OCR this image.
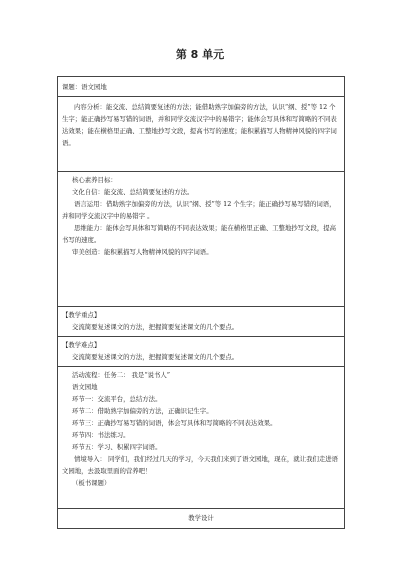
第 8 单元

课题：语文园地

内容分析：能交流、总结简要复述的方法；能借助熟字加偏旁的方法，认识“纲、授”等 12 个生字；能正确抄写易写错的词语，并和同学交流汉字中的易错字；能体会写具体和写简略的不同表达效果；能在横格里正确、工整地抄写文段，提高书写的速度；能积累描写人物精神风貌的四字词语。

核心素养目标：

文化自信：能交流、总结简要复述的方法。

语言运用：借助熟字加偏旁的方法，认识“纲、授”等 12 个生字；能正确抄写易写错的词语，并和同学交流汉字中的易错字 。

思维能力：能体会写具体和写简略的不同表达效果；能在横格里正确、工整地抄写文段，提高书写的速度。

审美创造：能积累描写人物精神风貌的四字词语。

【教学重点】

交流简要复述课文的方法，把握简要复述课文的几个要点。

【教学难点】

交流简要复述课文的方法，把握简要复述课文的几个要点。

活动流程：任务二： 我是“说书人”

语文园地

环节一：交流平台，总结方法。

环节二：借助熟字加偏旁的方法，正确识记生字。

环节三：正确抄写易写错的词语，体会写具体和写简略的不同表达效果。

环节四：书法练习。

环节五：学习、积累四字词语。

情境导入： 同学们，我们经过几天的学习，今天我们来到了语文园地，现在，就让我们走进语文园地，去汲取里面的营养吧！

（板书课题）

教学设计
